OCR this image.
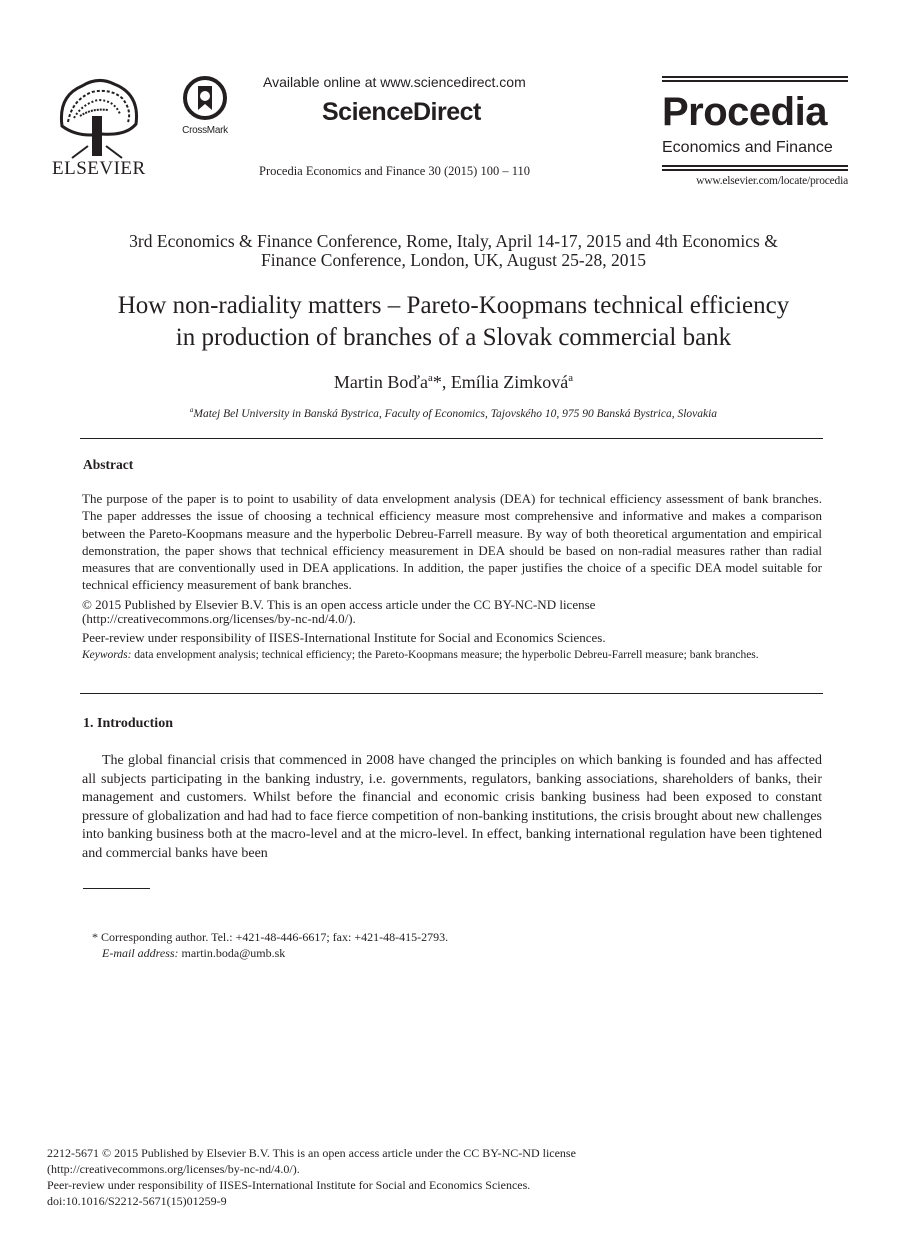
ELSEVIER
CrossMark
Available online at www.sciencedirect.com
ScienceDirect
Procedia Economics and Finance 30 (2015) 100 – 110
Procedia
Economics and Finance
www.elsevier.com/locate/procedia
3rd Economics & Finance Conference, Rome, Italy, April 14-17, 2015 and 4th Economics &
Finance Conference, London, UK, August 25-28, 2015
How non-radiality matters – Pareto-Koopmans technical efficiency
in production of branches of a Slovak commercial bank
Martin Boďa$^a$*, Emília Zimková$^a$
$^a$Matej Bel University in Banská Bystrica, Faculty of Economics, Tajovského 10, 975 90 Banská Bystrica, Slovakia
Abstract
The purpose of the paper is to point to usability of data envelopment analysis (DEA) for technical efficiency assessment of bank branches. The paper addresses the issue of choosing a technical efficiency measure most comprehensive and informative and makes a comparison between the Pareto-Koopmans measure and the hyperbolic Debreu-Farrell measure. By way of both theoretical argumentation and empirical demonstration, the paper shows that technical efficiency measurement in DEA should be based on non-radial measures rather than radial measures that are conventionally used in DEA applications. In addition, the paper justifies the choice of a specific DEA model suitable for technical efficiency measurement of bank branches.
© 2015 Published by Elsevier B.V. This is an open access article under the CC BY-NC-ND license
(http://creativecommons.org/licenses/by-nc-nd/4.0/).
Peer-review under responsibility of IISES-International Institute for Social and Economics Sciences.
Keywords: data envelopment analysis; technical efficiency; the Pareto-Koopmans measure; the hyperbolic Debreu-Farrell measure; bank branches.
1. Introduction
The global financial crisis that commenced in 2008 have changed the principles on which banking is founded and has affected all subjects participating in the banking industry, i.e. governments, regulators, banking associations, shareholders of banks, their management and customers. Whilst before the financial and economic crisis banking business had been exposed to constant pressure of globalization and had had to face fierce competition of non-banking institutions, the crisis brought about new challenges into banking business both at the macro-level and at the micro-level. In effect, banking international regulation have been tightened and commercial banks have been
* Corresponding author. Tel.: +421-48-446-6617; fax: +421-48-415-2793.
E-mail address: martin.boda@umb.sk
2212-5671 © 2015 Published by Elsevier B.V. This is an open access article under the CC BY-NC-ND license
(http://creativecommons.org/licenses/by-nc-nd/4.0/).
Peer-review under responsibility of IISES-International Institute for Social and Economics Sciences.
doi:10.1016/S2212-5671(15)01259-9
